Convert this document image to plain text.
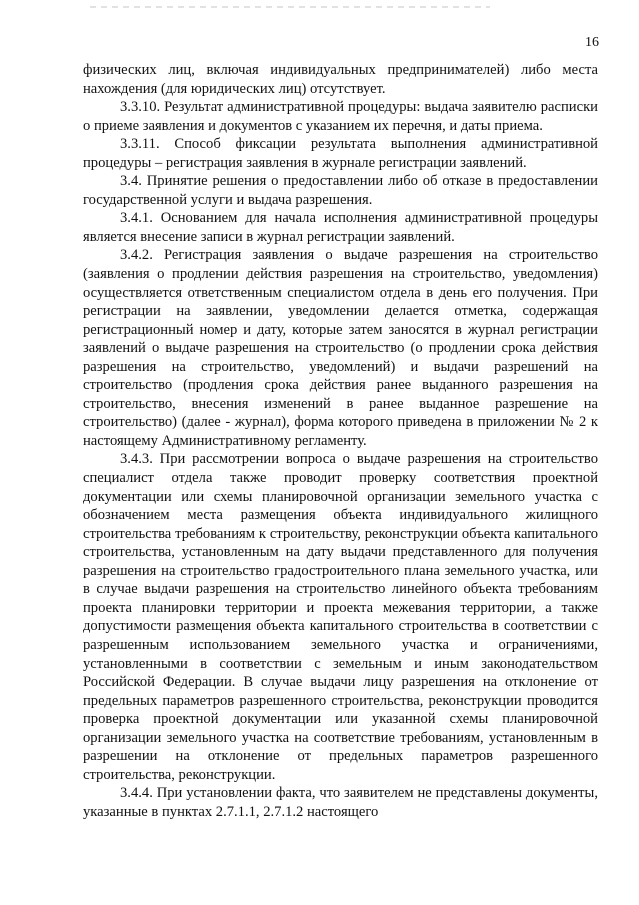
16

физических лиц, включая индивидуальных предпринимателей) либо места нахождения (для юридических лиц) отсутствует.

3.3.10. Результат административной процедуры: выдача заявителю расписки о приеме заявления и документов с указанием их перечня, и даты приема.

3.3.11. Способ фиксации результата выполнения административной процедуры – регистрация заявления в журнале регистрации заявлений.

3.4. Принятие решения о предоставлении либо об отказе в предоставлении государственной услуги и выдача разрешения.

3.4.1. Основанием для начала исполнения административной процедуры является внесение записи в журнал регистрации заявлений.

3.4.2. Регистрация заявления о выдаче разрешения на строительство (заявления о продлении действия разрешения на строительство, уведомления) осуществляется ответственным специалистом отдела в день его получения. При регистрации на заявлении, уведомлении делается отметка, содержащая регистрационный номер и дату, которые затем заносятся в журнал регистрации заявлений о выдаче разрешения на строительство (о продлении срока действия разрешения на строительство, уведомлений) и выдачи разрешений на строительство (продления срока действия ранее выданного разрешения на строительство, внесения изменений в ранее выданное разрешение на строительство) (далее - журнал), форма которого приведена в приложении № 2 к настоящему Административному регламенту.

3.4.3. При рассмотрении вопроса о выдаче разрешения на строительство специалист отдела также проводит проверку соответствия проектной документации или схемы планировочной организации земельного участка с обозначением места размещения объекта индивидуального жилищного строительства требованиям к строительству, реконструкции объекта капитального строительства, установленным на дату выдачи представленного для получения разрешения на строительство градостроительного плана земельного участка, или в случае выдачи разрешения на строительство линейного объекта требованиям проекта планировки территории и проекта межевания территории, а также допустимости размещения объекта капитального строительства в соответствии с разрешенным использованием земельного участка и ограничениями, установленными в соответствии с земельным и иным законодательством Российской Федерации. В случае выдачи лицу разрешения на отклонение от предельных параметров разрешенного строительства, реконструкции проводится проверка проектной документации или указанной схемы планировочной организации земельного участка на соответствие требованиям, установленным в разрешении на отклонение от предельных параметров разрешенного строительства, реконструкции.

3.4.4. При установлении факта, что заявителем не представлены документы, указанные в пунктах 2.7.1.1, 2.7.1.2 настоящего
